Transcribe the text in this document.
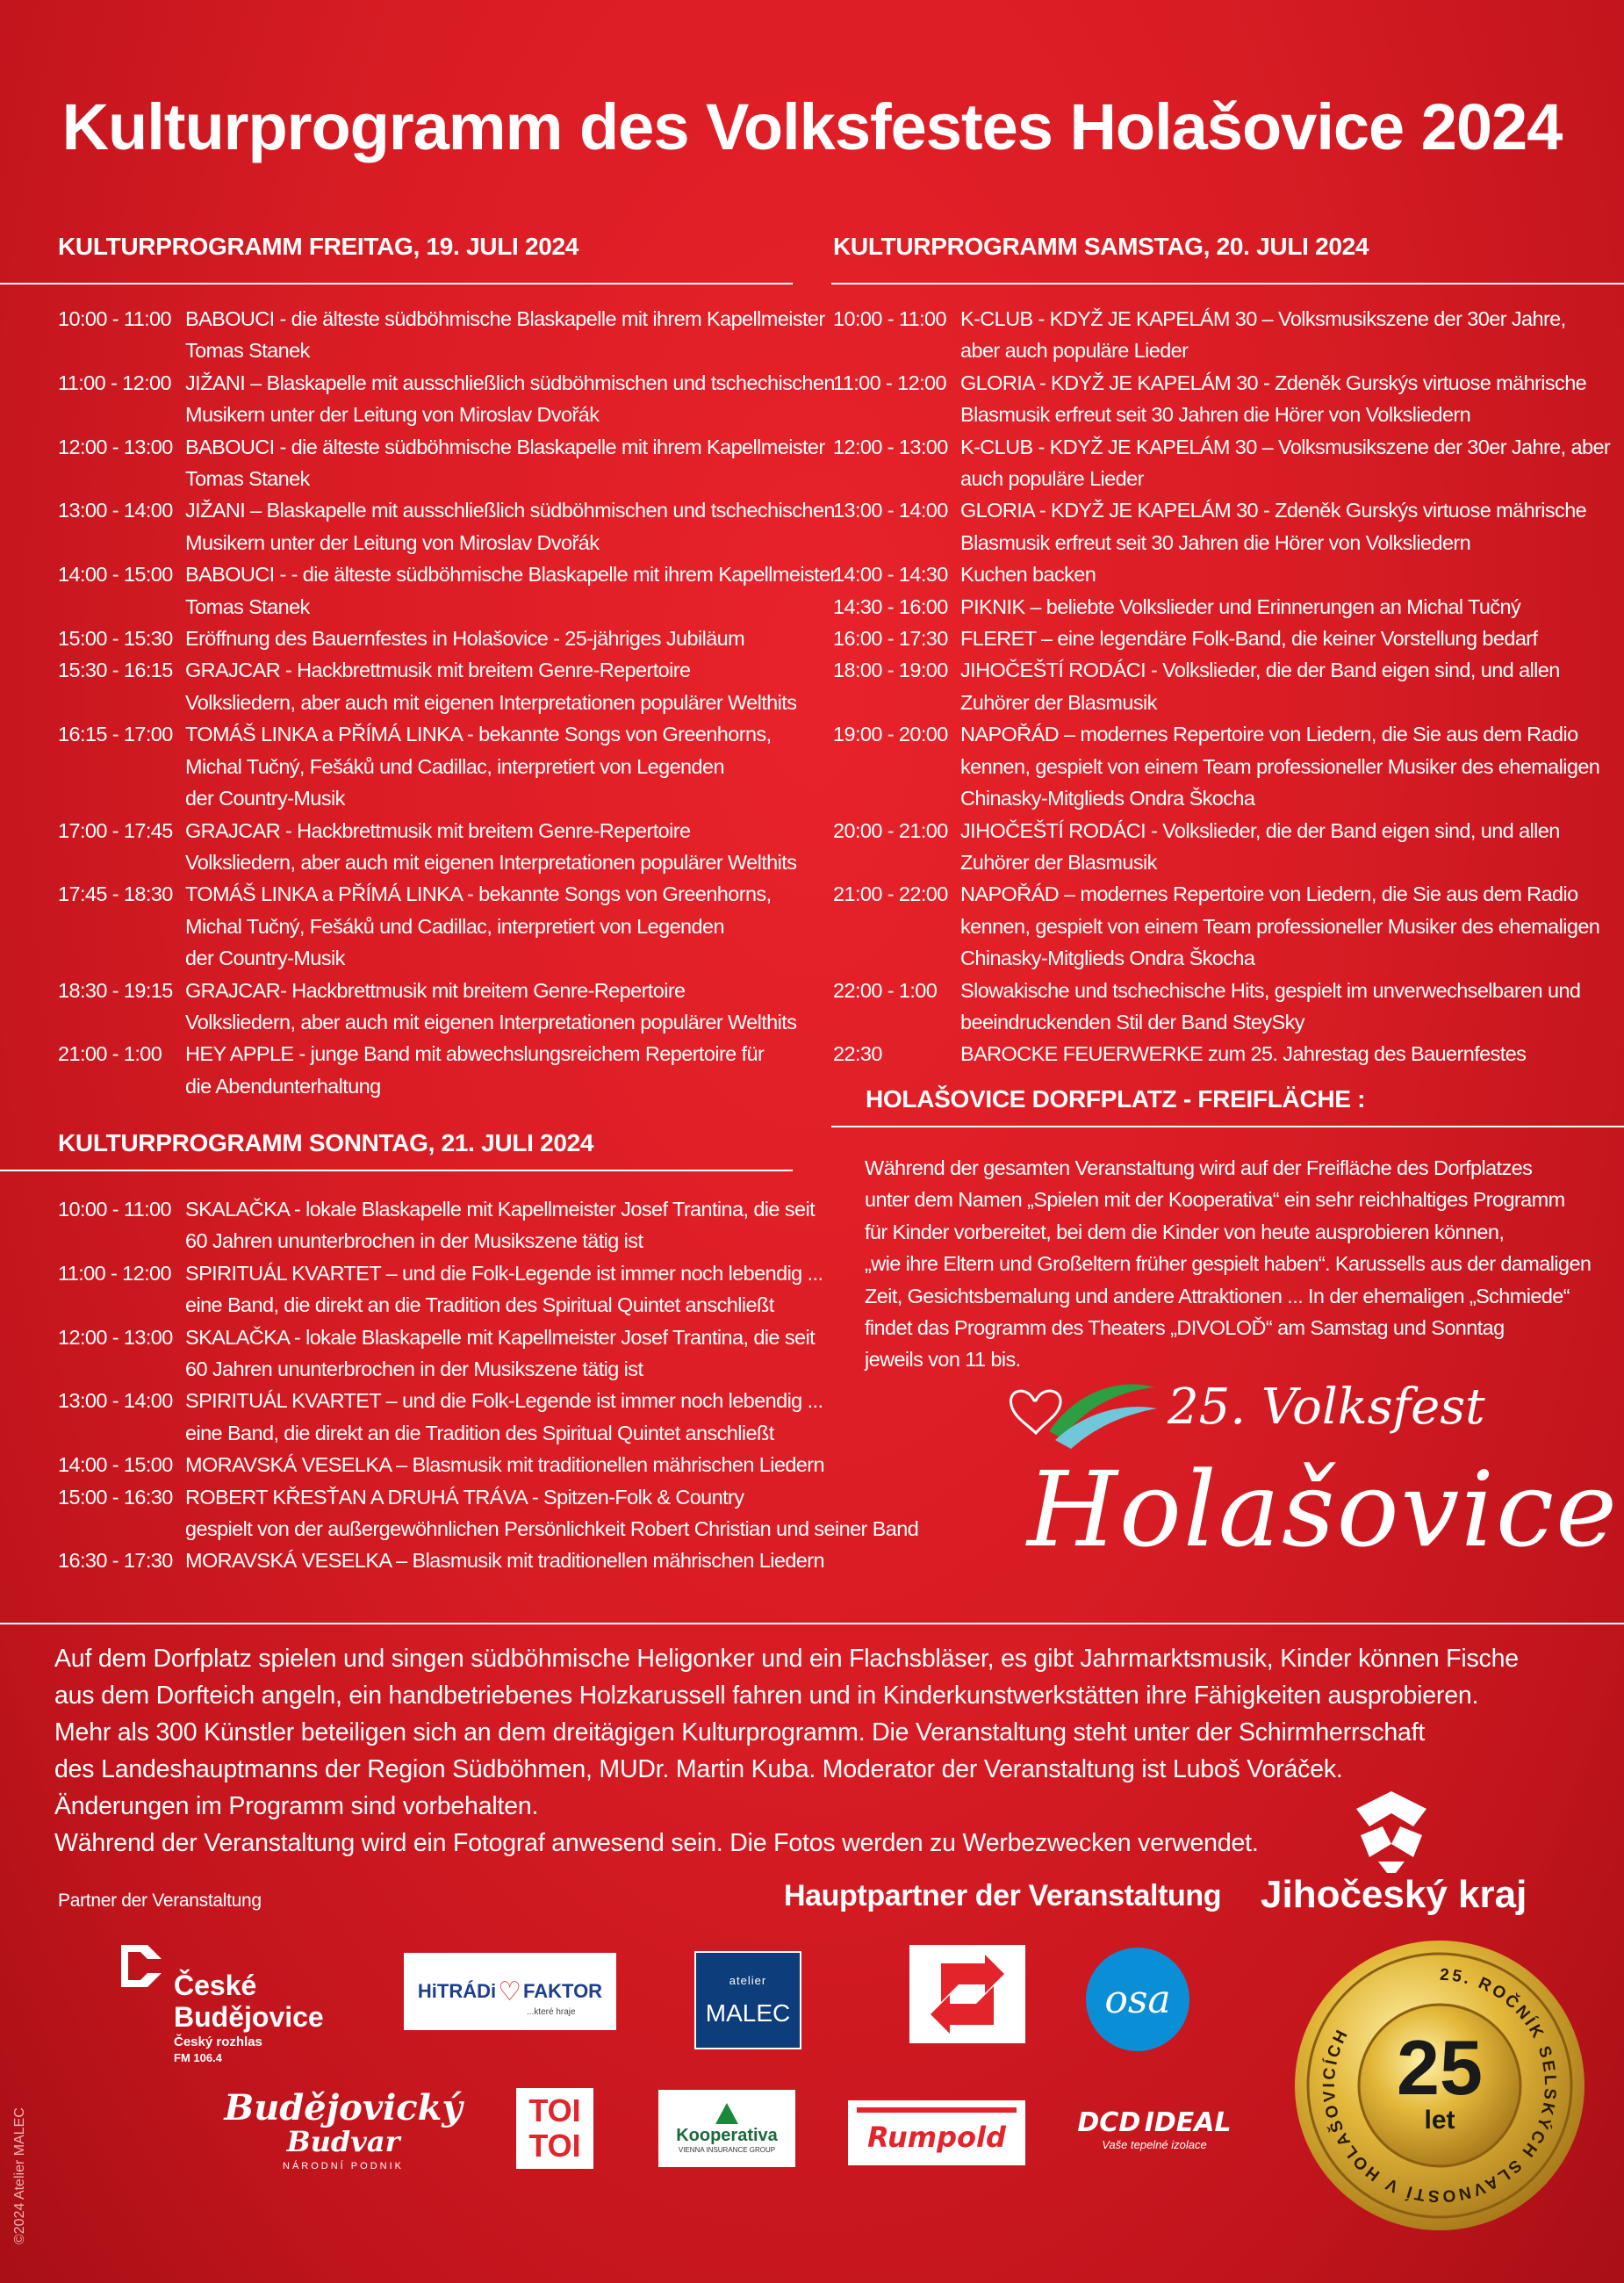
Kulturprogramm des Volksfestes Holašovice 2024
KULTURPROGRAMM FREITAG, 19. JULI 2024
10:00 - 11:00 BABOUCI - die älteste südböhmische Blaskapelle mit ihrem Kapellmeister
Tomas Stanek
11:00 - 12:00 JIŽANI – Blaskapelle mit ausschließlich südböhmischen und tschechischen
Musikern unter der Leitung von Miroslav Dvořák
12:00 - 13:00 BABOUCI - die älteste südböhmische Blaskapelle mit ihrem Kapellmeister
Tomas Stanek
13:00 - 14:00 JIŽANI – Blaskapelle mit ausschließlich südböhmischen und tschechischen
Musikern unter der Leitung von Miroslav Dvořák
14:00 - 15:00 BABOUCI - - die älteste südböhmische Blaskapelle mit ihrem Kapellmeister
Tomas Stanek
15:00 - 15:30 Eröffnung des Bauernfestes in Holašovice - 25-jähriges Jubiläum
15:30 - 16:15 GRAJCAR - Hackbrettmusik mit breitem Genre-Repertoire
Volksliedern, aber auch mit eigenen Interpretationen populärer Welthits
16:15 - 17:00 TOMÁŠ LINKA a PŘÍMÁ LINKA - bekannte Songs von Greenhorns,
Michal Tučný, Fešáků und Cadillac, interpretiert von Legenden
der Country-Musik
17:00 - 17:45 GRAJCAR - Hackbrettmusik mit breitem Genre-Repertoire
Volksliedern, aber auch mit eigenen Interpretationen populärer Welthits
17:45 - 18:30 TOMÁŠ LINKA a PŘÍMÁ LINKA - bekannte Songs von Greenhorns,
Michal Tučný, Fešáků und Cadillac, interpretiert von Legenden
der Country-Musik
18:30 - 19:15 GRAJCAR- Hackbrettmusik mit breitem Genre-Repertoire
Volksliedern, aber auch mit eigenen Interpretationen populärer Welthits
21:00 - 1:00	HEY APPLE - junge Band mit abwechslungsreichem Repertoire für
die Abendunterhaltung
KULTURPROGRAMM SAMSTAG, 20. JULI 2024
10:00 - 11:00 K-CLUB - KDYŽ JE KAPELÁM 30 – Volksmusikszene der 30er Jahre,
aber auch populäre Lieder
11:00 - 12:00 GLORIA - KDYŽ JE KAPELÁM 30 - Zdeněk Gurskýs virtuose mährische
Blasmusik erfreut seit 30 Jahren die Hörer von Volksliedern
12:00 - 13:00 K-CLUB - KDYŽ JE KAPELÁM 30 – Volksmusikszene der 30er Jahre, aber
auch populäre Lieder
13:00 - 14:00 GLORIA - KDYŽ JE KAPELÁM 30 - Zdeněk Gurskýs virtuose mährische
Blasmusik erfreut seit 30 Jahren die Hörer von Volksliedern
14:00 - 14:30 Kuchen backen
14:30 - 16:00 PIKNIK – beliebte Volkslieder und Erinnerungen an Michal Tučný
16:00 - 17:30 FLERET – eine legendäre Folk-Band, die keiner Vorstellung bedarf
18:00 - 19:00 JIHOČEŠTÍ RODÁCI - Volkslieder, die der Band eigen sind, und allen
Zuhörer der Blasmusik
19:00 - 20:00 NAPOŘÁD – modernes Repertoire von Liedern, die Sie aus dem Radio
kennen, gespielt von einem Team professioneller Musiker des ehemaligen
Chinasky-Mitglieds Ondra Škocha
20:00 - 21:00 JIHOČEŠTÍ RODÁCI - Volkslieder, die der Band eigen sind, und allen
Zuhörer der Blasmusik
21:00 - 22:00 NAPOŘÁD – modernes Repertoire von Liedern, die Sie aus dem Radio
kennen, gespielt von einem Team professioneller Musiker des ehemaligen
Chinasky-Mitglieds Ondra Škocha
22:00 - 1:00	Slowakische und tschechische Hits, gespielt im unverwechselbaren und
beeindruckenden Stil der Band SteySky
22:30	BAROCKE FEUERWERKE zum 25. Jahrestag des Bauernfestes
KULTURPROGRAMM SONNTAG, 21. JULI 2024
10:00 - 11:00 SKALAČKA - lokale Blaskapelle mit Kapellmeister Josef Trantina, die seit
60 Jahren ununterbrochen in der Musikszene tätig ist
11:00 - 12:00 SPIRITUÁL KVARTET – und die Folk-Legende ist immer noch lebendig ...
eine Band, die direkt an die Tradition des Spiritual Quintet anschließt
12:00 - 13:00 SKALAČKA - lokale Blaskapelle mit Kapellmeister Josef Trantina, die seit
60 Jahren ununterbrochen in der Musikszene tätig ist
13:00 - 14:00 SPIRITUÁL KVARTET – und die Folk-Legende ist immer noch lebendig ...
eine Band, die direkt an die Tradition des Spiritual Quintet anschließt
14:00 - 15:00 MORAVSKÁ VESELKA – Blasmusik mit traditionellen mährischen Liedern
15:00 - 16:30 ROBERT KŘESŤAN A DRUHÁ TRÁVA - Spitzen-Folk & Country
gespielt von der außergewöhnlichen Persönlichkeit Robert Christian und seiner Band
16:30 - 17:30 MORAVSKÁ VESELKA – Blasmusik mit traditionellen mährischen Liedern
HOLAŠOVICE DORFPLATZ - FREIFLÄCHE :
Während der gesamten Veranstaltung wird auf der Freifläche des Dorfplatzes
unter dem Namen „Spielen mit der Kooperativa“ ein sehr reichhaltiges Programm
für Kinder vorbereitet, bei dem die Kinder von heute ausprobieren können,
„wie ihre Eltern und Großeltern früher gespielt haben“. Karussells aus der damaligen
Zeit, Gesichtsbemalung und andere Attraktionen ... In der ehemaligen „Schmiede“
findet das Programm des Theaters „DIVOLOĎ“ am Samstag und Sonntag
jeweils von 11 bis.
25. Volksfest
Holašovice
Auf dem Dorfplatz spielen und singen südböhmische Heligonker und ein Flachsbläser, es gibt Jahrmarktsmusik, Kinder können Fische
aus dem Dorfteich angeln, ein handbetriebenes Holzkarussell fahren und in Kinderkunstwerkstätten ihre Fähigkeiten ausprobieren.
Mehr als 300 Künstler beteiligen sich an dem dreitägigen Kulturprogramm. Die Veranstaltung steht unter der Schirmherrschaft
des Landeshauptmanns der Region Südböhmen, MUDr. Martin Kuba. Moderator der Veranstaltung ist Luboš Voráček.
Änderungen im Programm sind vorbehalten.
Während der Veranstaltung wird ein Fotograf anwesend sein. Die Fotos werden zu Werbezwecken verwendet.
Partner der Veranstaltung	Hauptpartner der Veranstaltung Jihočeský kraj
České
Budějovice
Český rozhlas
FM 106.4
HiTRÁDi ♡ FAKTOR
...které hraje
atelier
MALEC	osa
Budějovický
Budvar
NÁRODNÍ PODNIK
TOI
TOI	Kooperativa
VIENNA INSURANCE GROUP	Rumpold	DCD IDEAL
Vaše tepelné izolace
25
let
25. ROČNÍK SELSKÝCH SLAVNOSTÍ V HOLAŠOVICÍCH
©2024 Atelier MALEC
